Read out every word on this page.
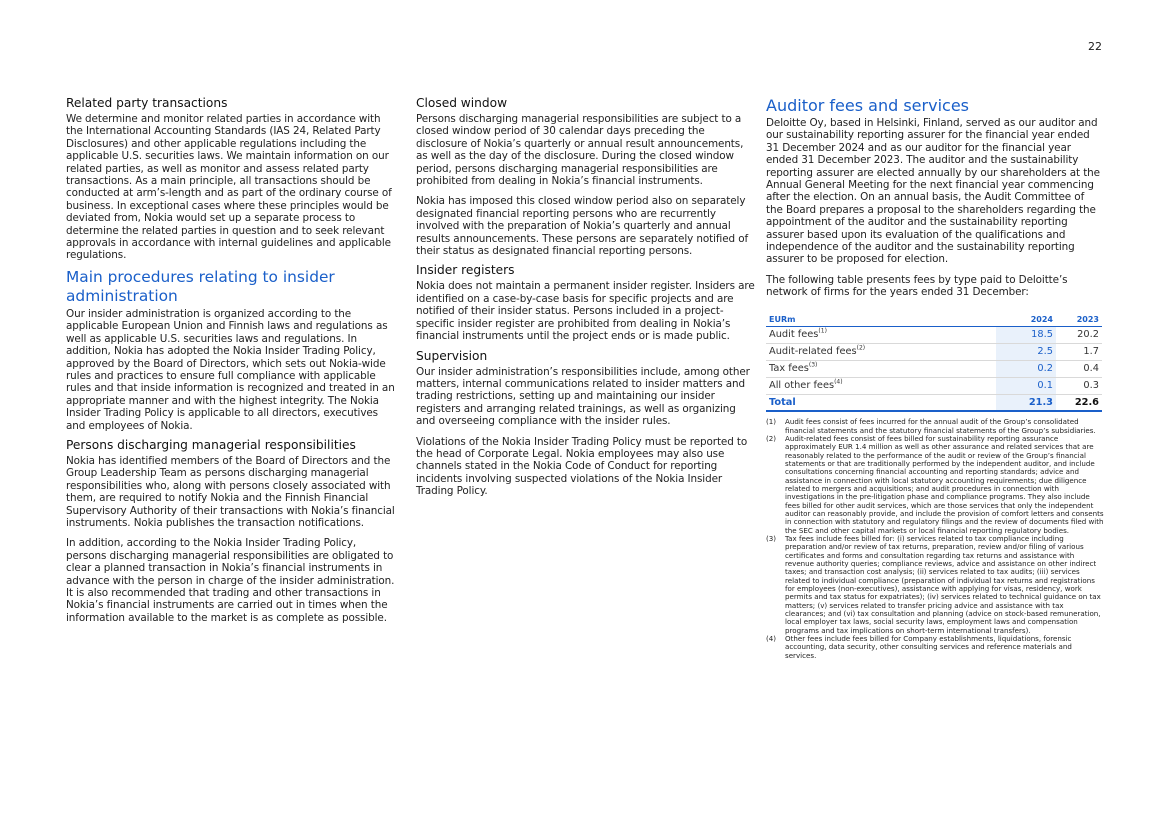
22
Related party transactions

We determine and monitor related parties in accordance with the International Accounting Standards (IAS 24, Related Party Disclosures) and other applicable regulations including the applicable U.S. securities laws. We maintain information on our related parties, as well as monitor and assess related party transactions. As a main principle, all transactions should be conducted at arm’s-length and as part of the ordinary course of business. In exceptional cases where these principles would be deviated from, Nokia would set up a separate process to determine the related parties in question and to seek relevant approvals in accordance with internal guidelines and applicable regulations.

Main procedures relating to insider administration

Our insider administration is organized according to the applicable European Union and Finnish laws and regulations as well as applicable U.S. securities laws and regulations. In addition, Nokia has adopted the Nokia Insider Trading Policy, approved by the Board of Directors, which sets out Nokia-wide rules and practices to ensure full compliance with applicable rules and that inside information is recognized and treated in an appropriate manner and with the highest integrity. The Nokia Insider Trading Policy is applicable to all directors, executives and employees of Nokia.

Persons discharging managerial responsibilities

Nokia has identified members of the Board of Directors and the Group Leadership Team as persons discharging managerial responsibilities who, along with persons closely associated with them, are required to notify Nokia and the Finnish Financial Supervisory Authority of their transactions with Nokia’s financial instruments. Nokia publishes the transaction notifications.

In addition, according to the Nokia Insider Trading Policy, persons discharging managerial responsibilities are obligated to clear a planned transaction in Nokia’s financial instruments in advance with the person in charge of the insider administration. It is also recommended that trading and other transactions in Nokia’s financial instruments are carried out in times when the information available to the market is as complete as possible.

Closed window

Persons discharging managerial responsibilities are subject to a closed window period of 30 calendar days preceding the disclosure of Nokia’s quarterly or annual result announcements, as well as the day of the disclosure. During the closed window period, persons discharging managerial responsibilities are prohibited from dealing in Nokia’s financial instruments.

Nokia has imposed this closed window period also on separately designated financial reporting persons who are recurrently involved with the preparation of Nokia’s quarterly and annual results announcements. These persons are separately notified of their status as designated financial reporting persons.

Insider registers

Nokia does not maintain a permanent insider register. Insiders are identified on a case-by-case basis for specific projects and are notified of their insider status. Persons included in a project-specific insider register are prohibited from dealing in Nokia’s financial instruments until the project ends or is made public.

Supervision

Our insider administration’s responsibilities include, among other matters, internal communications related to insider matters and trading restrictions, setting up and maintaining our insider registers and arranging related trainings, as well as organizing and overseeing compliance with the insider rules.

Violations of the Nokia Insider Trading Policy must be reported to the head of Corporate Legal. Nokia employees may also use channels stated in the Nokia Code of Conduct for reporting incidents involving suspected violations of the Nokia Insider Trading Policy.

Auditor fees and services

Deloitte Oy, based in Helsinki, Finland, served as our auditor and our sustainability reporting assurer for the financial year ended 31 December 2024 and as our auditor for the financial year ended 31 December 2023. The auditor and the sustainability reporting assurer are elected annually by our shareholders at the Annual General Meeting for the next financial year commencing after the election. On an annual basis, the Audit Committee of the Board prepares a proposal to the shareholders regarding the appointment of the auditor and the sustainability reporting assurer based upon its evaluation of the qualifications and independence of the auditor and the sustainability reporting assurer to be proposed for election.

The following table presents fees by type paid to Deloitte’s network of firms for the years ended 31 December:

EURm	2024	2023
Audit fees$^{(1)}$	18.5	20.2
Audit-related fees$^{(2)}$	2.5	1.7
Tax fees$^{(3)}$	0.2	0.4
All other fees$^{(4)}$	0.1	0.3
Total	21.3	22.6
(1)	Audit fees consist of fees incurred for the annual audit of the Group’s consolidated financial statements and the statutory financial statements of the Group’s subsidiaries.
(2)	Audit-related fees consist of fees billed for sustainability reporting assurance approximately EUR 1.4 million as well as other assurance and related services that are reasonably related to the performance of the audit or review of the Group’s financial statements or that are traditionally performed by the independent auditor, and include consultations concerning financial accounting and reporting standards; advice and assistance in connection with local statutory accounting requirements; due diligence related to mergers and acquisitions; and audit procedures in connection with investigations in the pre-litigation phase and compliance programs. They also include fees billed for other audit services, which are those services that only the independent auditor can reasonably provide, and include the provision of comfort letters and consents in connection with statutory and regulatory filings and the review of documents filed with the SEC and other capital markets or local financial reporting regulatory bodies.
(3)	Tax fees include fees billed for: (i) services related to tax compliance including preparation and/or review of tax returns, preparation, review and/or filing of various certificates and forms and consultation regarding tax returns and assistance with revenue authority queries; compliance reviews, advice and assistance on other indirect taxes; and transaction cost analysis; (ii) services related to tax audits; (iii) services related to individual compliance (preparation of individual tax returns and registrations for employees (non-executives), assistance with applying for visas, residency, work permits and tax status for expatriates); (iv) services related to technical guidance on tax matters; (v) services related to transfer pricing advice and assistance with tax clearances; and (vi) tax consultation and planning (advice on stock-based remuneration, local employer tax laws, social security laws, employment laws and compensation programs and tax implications on short-term international transfers).
(4)	Other fees include fees billed for Company establishments, liquidations, forensic accounting, data security, other consulting services and reference materials and services.
